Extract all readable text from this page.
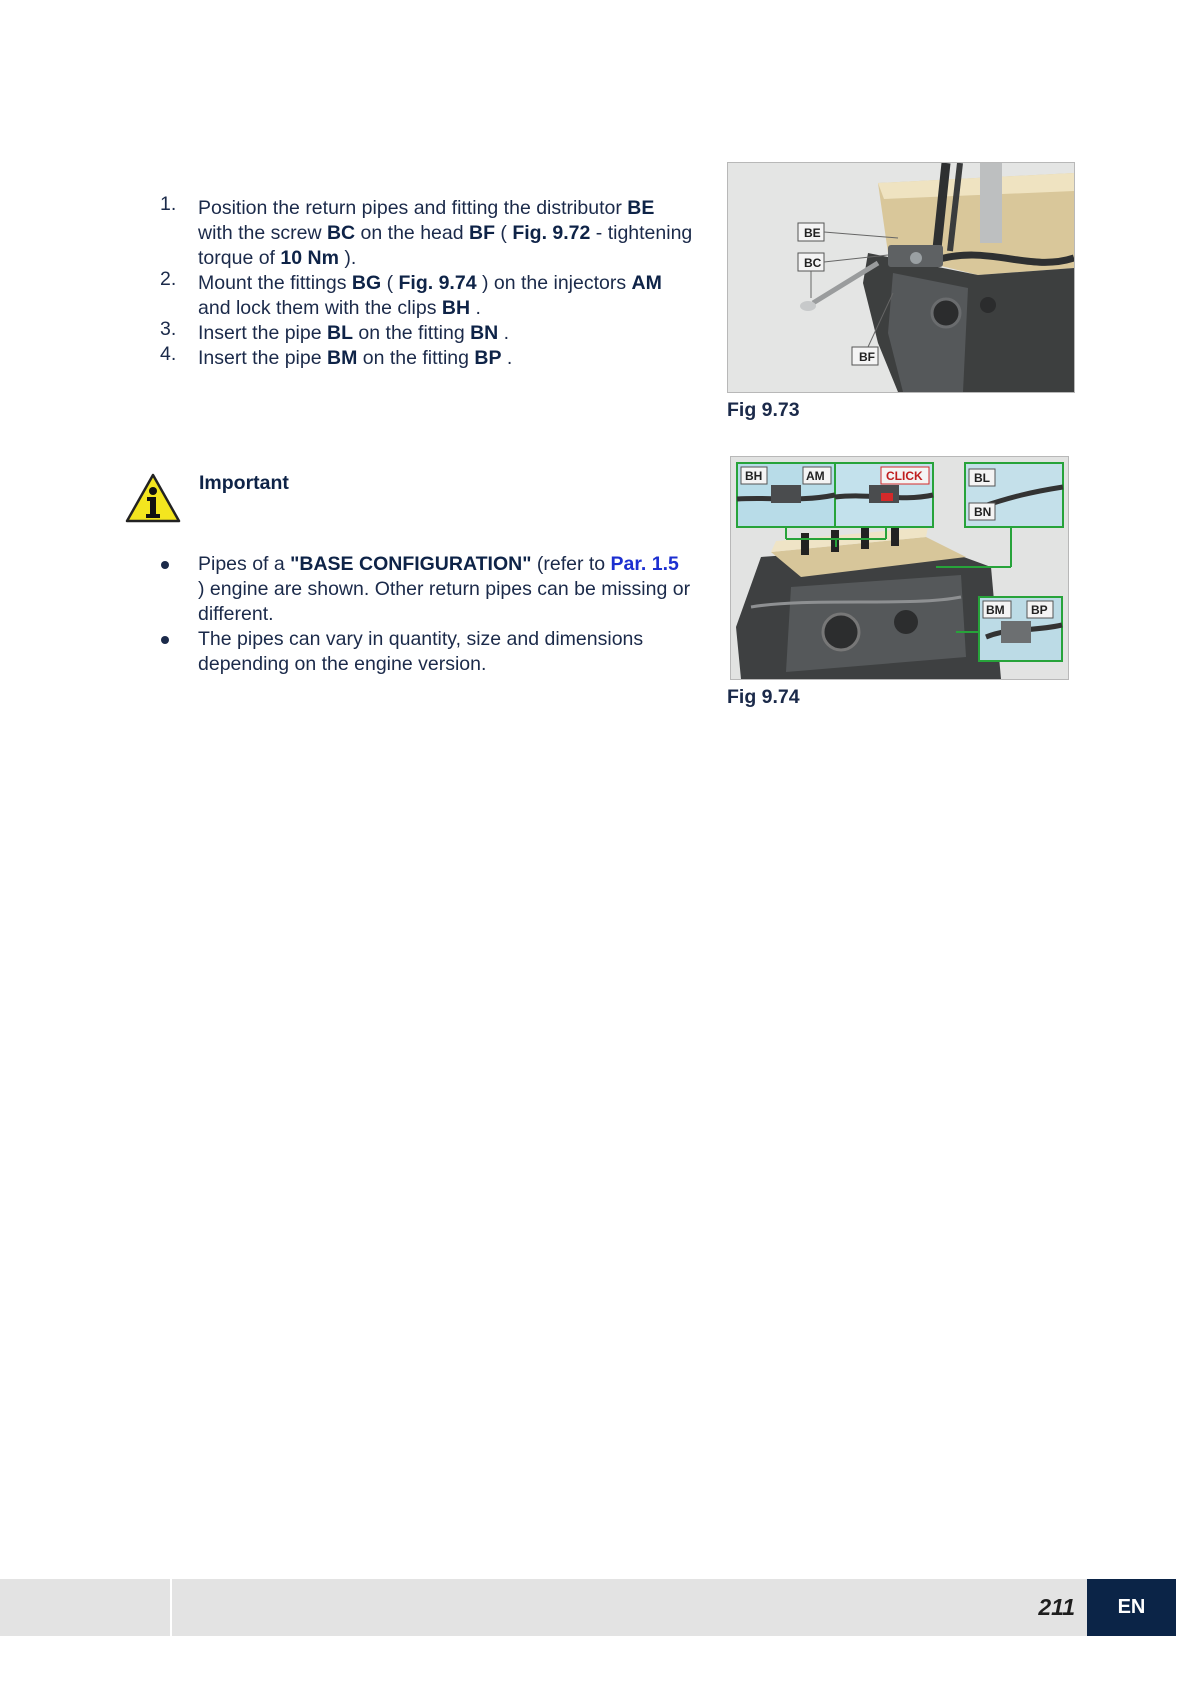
1. Position the return pipes and fitting the distributor BE
with the screw BC on the head BF ( Fig. 9.72 - tightening torque of 10 Nm ).
2. Mount the fittings BG ( Fig. 9.74 ) on the injectors AM
and lock them with the clips BH .
3. Insert the pipe BL on the fitting BN .
4. Insert the pipe BM on the fitting BP .
Important
Pipes of a "BASE CONFIGURATION" (refer to Par. 1.5
) engine are shown. Other return pipes can be missing or different.
The pipes can vary in quantity, size and dimensions depending on the engine version.
BE
BC
BF
Fig 9.73
BH	AM	CLICK	BL
BN
BM BP
Fig 9.74
211	EN
